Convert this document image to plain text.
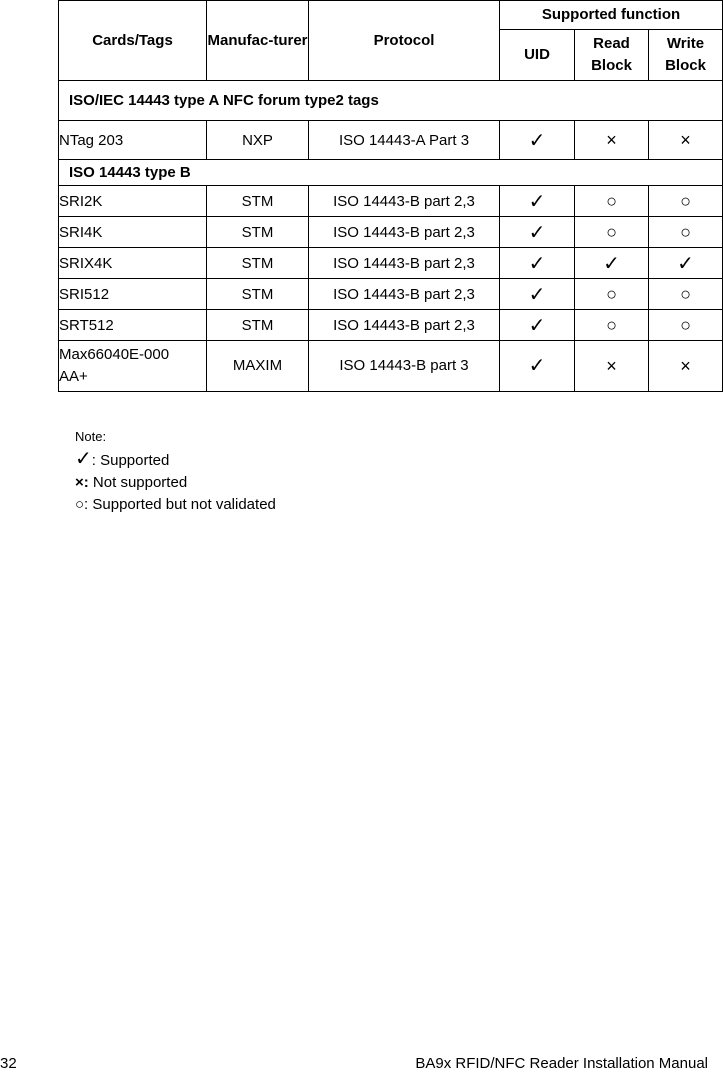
Cards/Tags	Manufac-turer	Protocol	Supported function		
			UID	Read Block	Write Block
ISO/IEC 14443 type A NFC forum type2 tags					
NTag 203	NXP	ISO 14443-A Part 3	✓	×	×
ISO 14443 type B					
SRI2K	STM	ISO 14443-B part 2,3	✓	○	○
SRI4K	STM	ISO 14443-B part 2,3	✓	○	○
SRIX4K	STM	ISO 14443-B part 2,3	✓	✓	✓
SRI512	STM	ISO 14443-B part 2,3	✓	○	○
SRT512	STM	ISO 14443-B part 2,3	✓	○	○
Max66040E-000AA+	MAXIM	ISO 14443-B part 3	✓	×	×
Note:
✓: Supported
×: Not supported
○: Supported but not validated
32	BA9x RFID/NFC Reader Installation Manual
